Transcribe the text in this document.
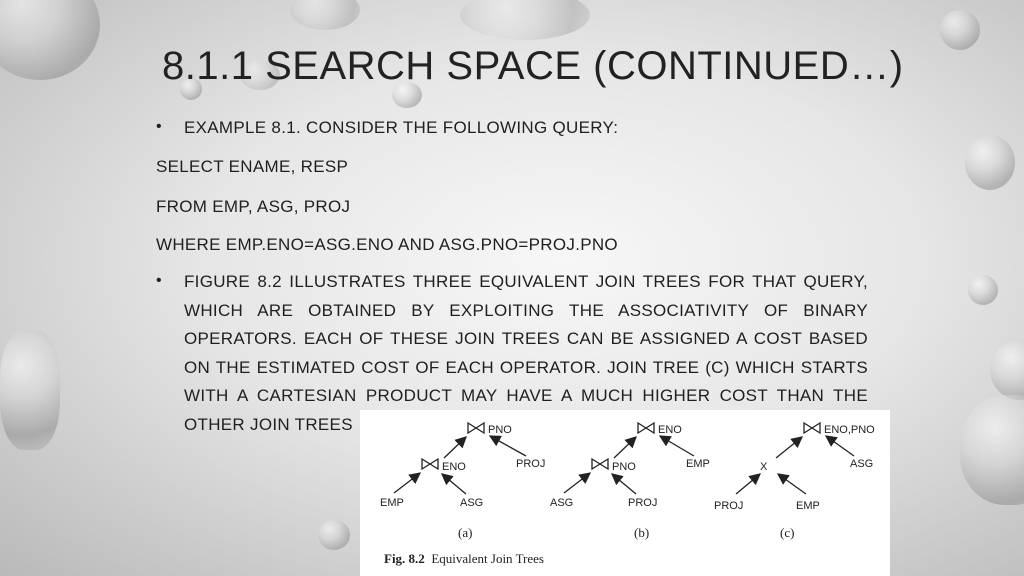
8.1.1 SEARCH SPACE (CONTINUED…)
• EXAMPLE 8.1. CONSIDER THE FOLLOWING QUERY:
SELECT ENAME, RESP
FROM EMP, ASG, PROJ
WHERE EMP.ENO=ASG.ENO AND ASG.PNO=PROJ.PNO
• FIGURE 8.2 ILLUSTRATES THREE EQUIVALENT JOIN TREES FOR THAT QUERY, WHICH ARE OBTAINED BY EXPLOITING THE ASSOCIATIVITY OF BINARY OPERATORS. EACH OF THESE JOIN TREES CAN BE ASSIGNED A COST BASED ON THE ESTIMATED COST OF EACH OPERATOR. JOIN TREE (C) WHICH STARTS WITH A CARTESIAN PRODUCT MAY HAVE A MUCH HIGHER COST THAN THE OTHER JOIN TREES	PNO
ENO	PROJ
EMP	ASG
(a)
ENO
PNO	EMP
ASG	PROJ
(b)
ENO,PNO
X	ASG
PROJ	EMP
(c)
Fig. 8.2 Equivalent Join Trees
